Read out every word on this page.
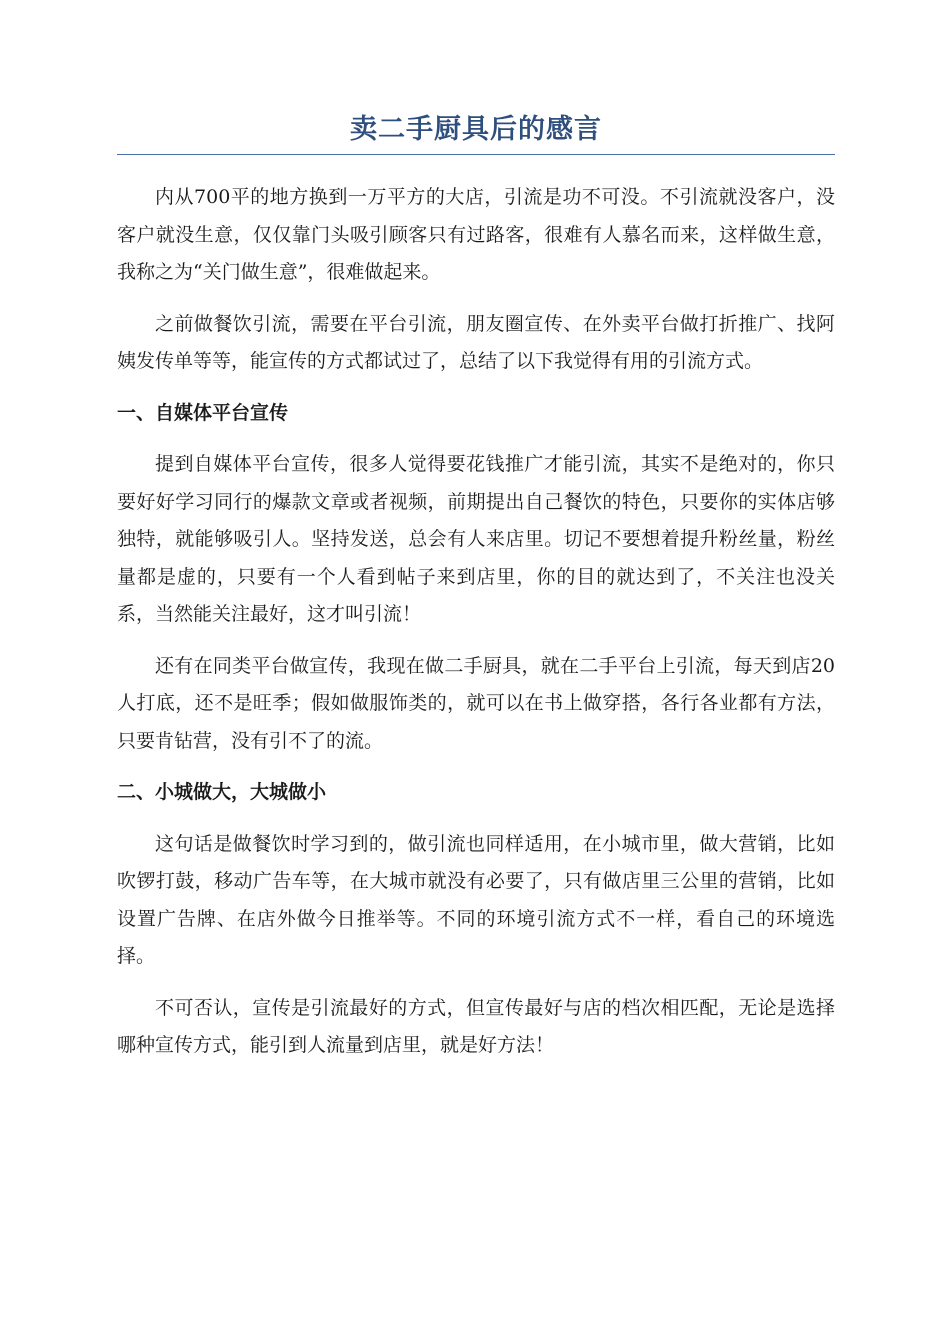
卖二手厨具后的感言

内从700平的地方换到一万平方的大店，引流是功不可没。不引流就没客户，没客户就没生意，仅仅靠门头吸引顾客只有过路客，很难有人慕名而来，这样做生意，我称之为“关门做生意”，很难做起来。

之前做餐饮引流，需要在平台引流，朋友圈宣传、在外卖平台做打折推广、找阿姨发传单等等，能宣传的方式都试过了，总结了以下我觉得有用的引流方式。

一、自媒体平台宣传

提到自媒体平台宣传，很多人觉得要花钱推广才能引流，其实不是绝对的，你只要好好学习同行的爆款文章或者视频，前期提出自己餐饮的特色，只要你的实体店够独特，就能够吸引人。坚持发送，总会有人来店里。切记不要想着提升粉丝量，粉丝量都是虚的，只要有一个人看到帖子来到店里，你的目的就达到了，不关注也没关系，当然能关注最好，这才叫引流！

还有在同类平台做宣传，我现在做二手厨具，就在二手平台上引流，每天到店20人打底，还不是旺季；假如做服饰类的，就可以在书上做穿搭，各行各业都有方法，只要肯钻营，没有引不了的流。

二、小城做大，大城做小

这句话是做餐饮时学习到的，做引流也同样适用，在小城市里，做大营销，比如吹锣打鼓，移动广告车等，在大城市就没有必要了，只有做店里三公里的营销，比如设置广告牌、在店外做今日推举等。不同的环境引流方式不一样，看自己的环境选择。

不可否认，宣传是引流最好的方式，但宣传最好与店的档次相匹配，无论是选择哪种宣传方式，能引到人流量到店里，就是好方法！
